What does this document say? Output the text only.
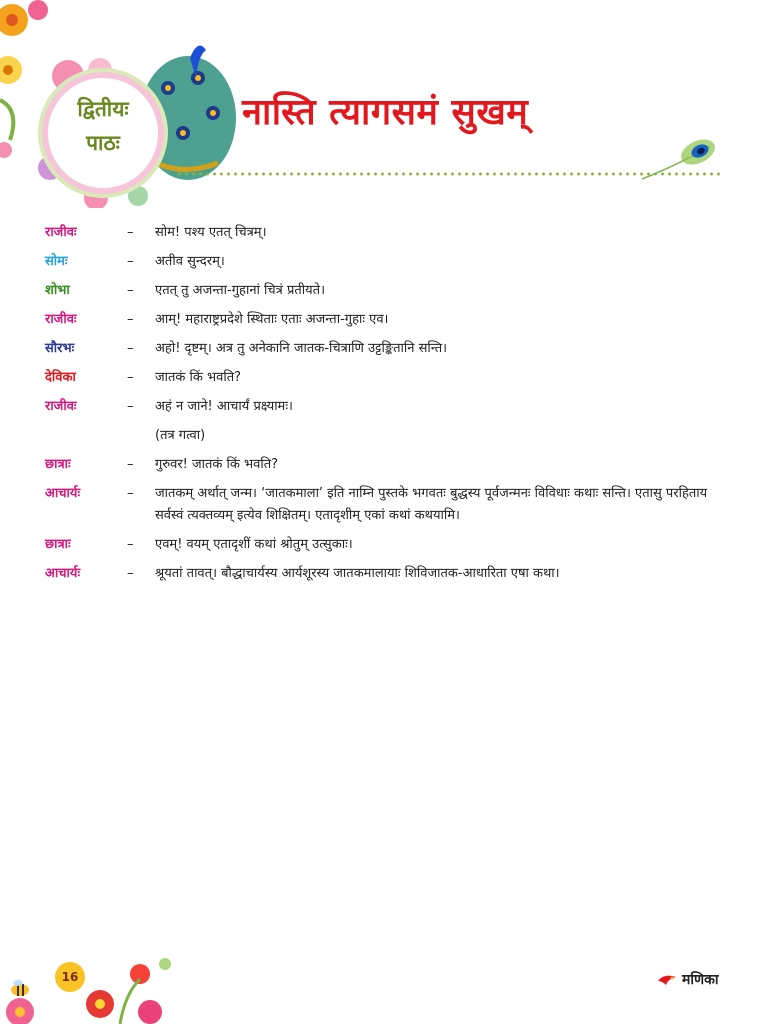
द्वितीयः
पाठः
नास्ति त्यागसमं सुखम्
राजीवः	–	सोम! पश्य एतत् चित्रम्।
सोमः	–	अतीव सुन्दरम्।
शोभा	–	एतत् तु अजन्ता-गुहानां चित्रं प्रतीयते।
राजीवः	–	आम्! महाराष्ट्रप्रदेशे स्थिताः एताः अजन्ता-गुहाः एव।
सौरभः	–	अहो! दृष्टम्। अत्र तु अनेकानि जातक-चित्राणि उट्टङ्कितानि सन्ति।
देविका	–	जातकं किं भवति?
राजीवः	–	अहं न जाने! आचार्यं प्रक्ष्यामः।
(तत्र गत्वा)
छात्राः	–	गुरुवर! जातकं किं भवति?
आचार्यः	–	जातकम् अर्थात् जन्म। ‘जातकमाला’ इति नाम्नि पुस्तके भगवतः बुद्धस्य पूर्वजन्मनः विविधाः कथाः सन्ति। एतासु परहिताय सर्वस्वं त्यक्तव्यम् इत्येव शिक्षितम्। एतादृशीम् एकां कथां कथयामि।
छात्राः	–	एवम्! वयम् एतादृशीं कथां श्रोतुम् उत्सुकाः।
आचार्यः	–	श्रूयतां तावत्। बौद्धाचार्यस्य आर्यशूरस्य जातकमालायाः शिविजातक-आधारिता एषा कथा।
16	मणिका
